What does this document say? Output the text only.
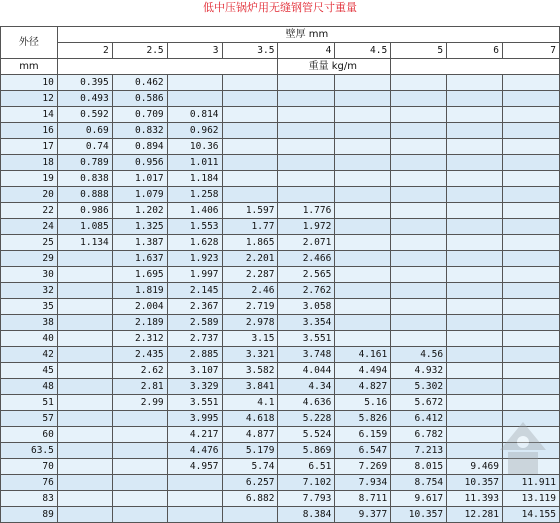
低中压锅炉用无缝钢管尺寸重量
外径	壁厚 mm								
	2	2.5	3	3.5	4	4.5	5	6	7
mm					重量 kg/m				
10	0.395	0.462							
12	0.493	0.586							
14	0.592	0.709	0.814						
16	0.69	0.832	0.962						
17	0.74	0.894	10.36						
18	0.789	0.956	1.011						
19	0.838	1.017	1.184						
20	0.888	1.079	1.258						
22	0.986	1.202	1.406	1.597	1.776				
24	1.085	1.325	1.553	1.77	1.972				
25	1.134	1.387	1.628	1.865	2.071				
29		1.637	1.923	2.201	2.466				
30		1.695	1.997	2.287	2.565				
32		1.819	2.145	2.46	2.762				
35		2.004	2.367	2.719	3.058				
38		2.189	2.589	2.978	3.354				
40		2.312	2.737	3.15	3.551				
42		2.435	2.885	3.321	3.748	4.161	4.56		
45		2.62	3.107	3.582	4.044	4.494	4.932		
48		2.81	3.329	3.841	4.34	4.827	5.302		
51		2.99	3.551	4.1	4.636	5.16	5.672		
57			3.995	4.618	5.228	5.826	6.412		
60			4.217	4.877	5.524	6.159	6.782		
63.5			4.476	5.179	5.869	6.547	7.213		
70			4.957	5.74	6.51	7.269	8.015	9.469	
76				6.257	7.102	7.934	8.754	10.357	11.911
83				6.882	7.793	8.711	9.617	11.393	13.119
89					8.384	9.377	10.357	12.281	14.155
